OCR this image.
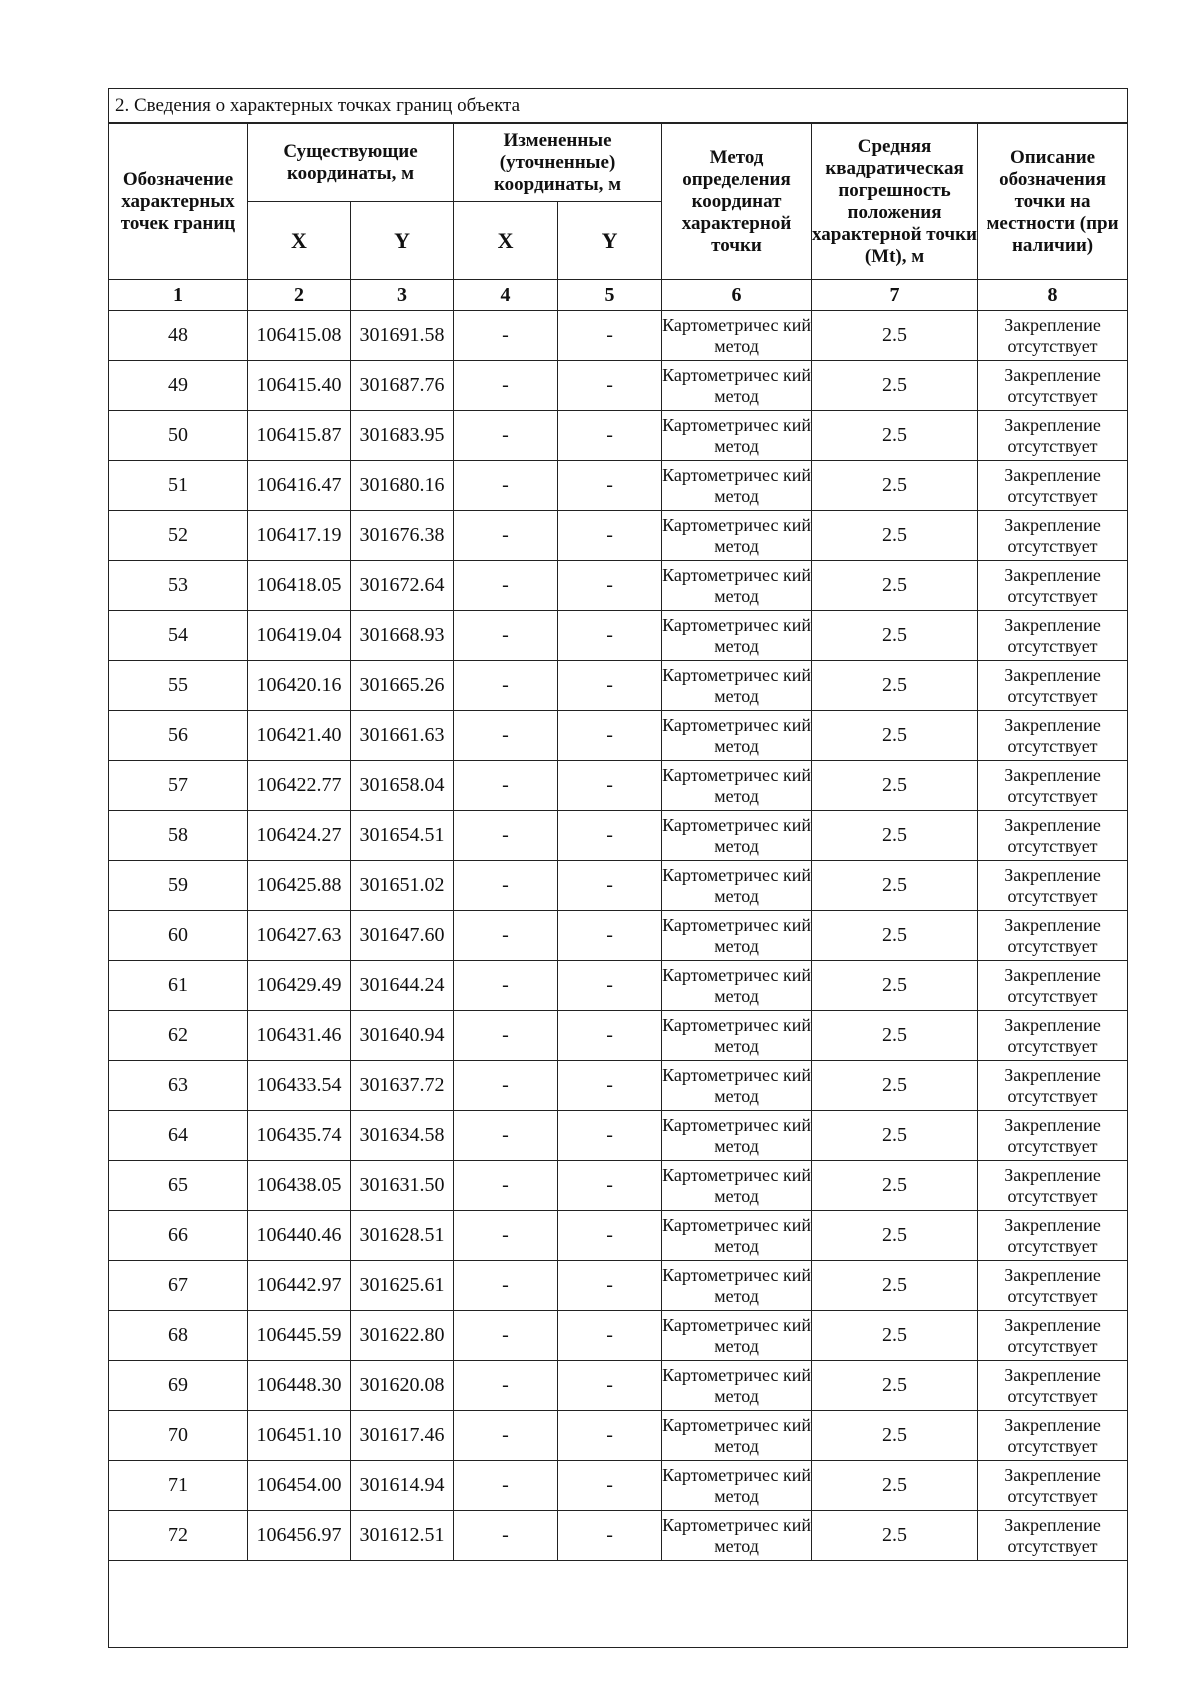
2. Сведения о характерных точках границ объекта
Обозначение характерных точек границ	Существующие координаты, м		Измененные (уточненные) координаты, м		Метод определения координат характерной точки	Средняя квадратическая погрешность положения характерной точки (Mt), м	Описание обозначения точки на местности (при наличии)
	X	Y	X	Y			
1	2	3	4	5	6	7	8
48	106415.08	301691.58	-	-	Картометричес кий метод	2.5	Закрепление отсутствует
49	106415.40	301687.76	-	-	Картометричес кий метод	2.5	Закрепление отсутствует
50	106415.87	301683.95	-	-	Картометричес кий метод	2.5	Закрепление отсутствует
51	106416.47	301680.16	-	-	Картометричес кий метод	2.5	Закрепление отсутствует
52	106417.19	301676.38	-	-	Картометричес кий метод	2.5	Закрепление отсутствует
53	106418.05	301672.64	-	-	Картометричес кий метод	2.5	Закрепление отсутствует
54	106419.04	301668.93	-	-	Картометричес кий метод	2.5	Закрепление отсутствует
55	106420.16	301665.26	-	-	Картометричес кий метод	2.5	Закрепление отсутствует
56	106421.40	301661.63	-	-	Картометричес кий метод	2.5	Закрепление отсутствует
57	106422.77	301658.04	-	-	Картометричес кий метод	2.5	Закрепление отсутствует
58	106424.27	301654.51	-	-	Картометричес кий метод	2.5	Закрепление отсутствует
59	106425.88	301651.02	-	-	Картометричес кий метод	2.5	Закрепление отсутствует
60	106427.63	301647.60	-	-	Картометричес кий метод	2.5	Закрепление отсутствует
61	106429.49	301644.24	-	-	Картометричес кий метод	2.5	Закрепление отсутствует
62	106431.46	301640.94	-	-	Картометричес кий метод	2.5	Закрепление отсутствует
63	106433.54	301637.72	-	-	Картометричес кий метод	2.5	Закрепление отсутствует
64	106435.74	301634.58	-	-	Картометричес кий метод	2.5	Закрепление отсутствует
65	106438.05	301631.50	-	-	Картометричес кий метод	2.5	Закрепление отсутствует
66	106440.46	301628.51	-	-	Картометричес кий метод	2.5	Закрепление отсутствует
67	106442.97	301625.61	-	-	Картометричес кий метод	2.5	Закрепление отсутствует
68	106445.59	301622.80	-	-	Картометричес кий метод	2.5	Закрепление отсутствует
69	106448.30	301620.08	-	-	Картометричес кий метод	2.5	Закрепление отсутствует
70	106451.10	301617.46	-	-	Картометричес кий метод	2.5	Закрепление отсутствует
71	106454.00	301614.94	-	-	Картометричес кий метод	2.5	Закрепление отсутствует
72	106456.97	301612.51	-	-	Картометричес кий метод	2.5	Закрепление отсутствует
